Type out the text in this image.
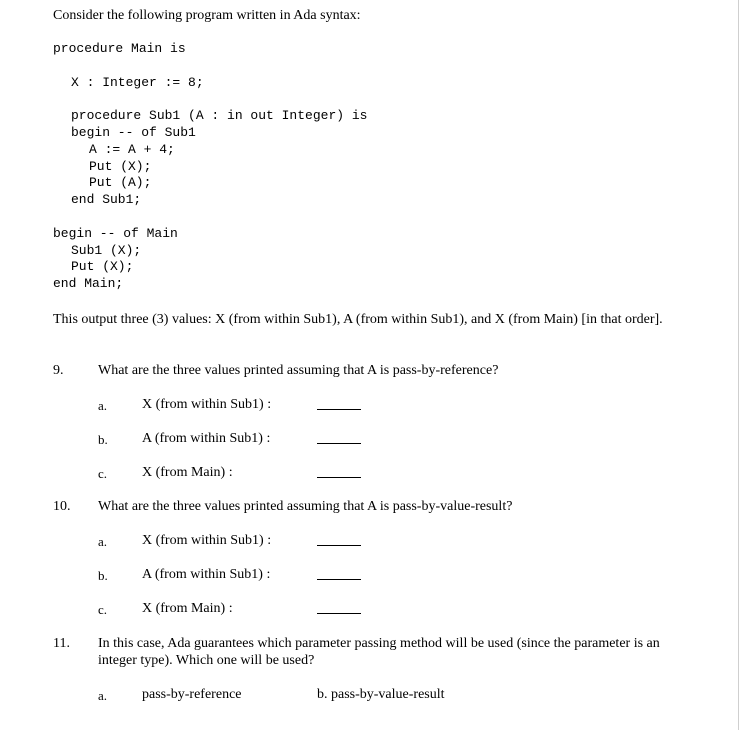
Consider the following program written in Ada syntax:
procedure Main is
X : Integer := 8;
procedure Sub1 (A : in out Integer) is
begin -- of Sub1
A := A + 4;
Put (X);
Put (A);
end Sub1;
begin -- of Main
Sub1 (X);
Put (X);
end Main;
This output three (3) values: X (from within Sub1), A (from within Sub1), and X (from Main) [in that order].
9. What are the three values printed assuming that A is pass-by-reference?
a. X (from within Sub1) :
b. A (from within Sub1) :
c. X (from Main) :
10. What are the three values printed assuming that A is pass-by-value-result?
a. X (from within Sub1) :
b. A (from within Sub1) :
c. X (from Main) :
11. In this case, Ada guarantees which parameter passing method will be used (since the parameter is an integer type). Which one will be used?
a. pass-by-reference	b. pass-by-value-result
